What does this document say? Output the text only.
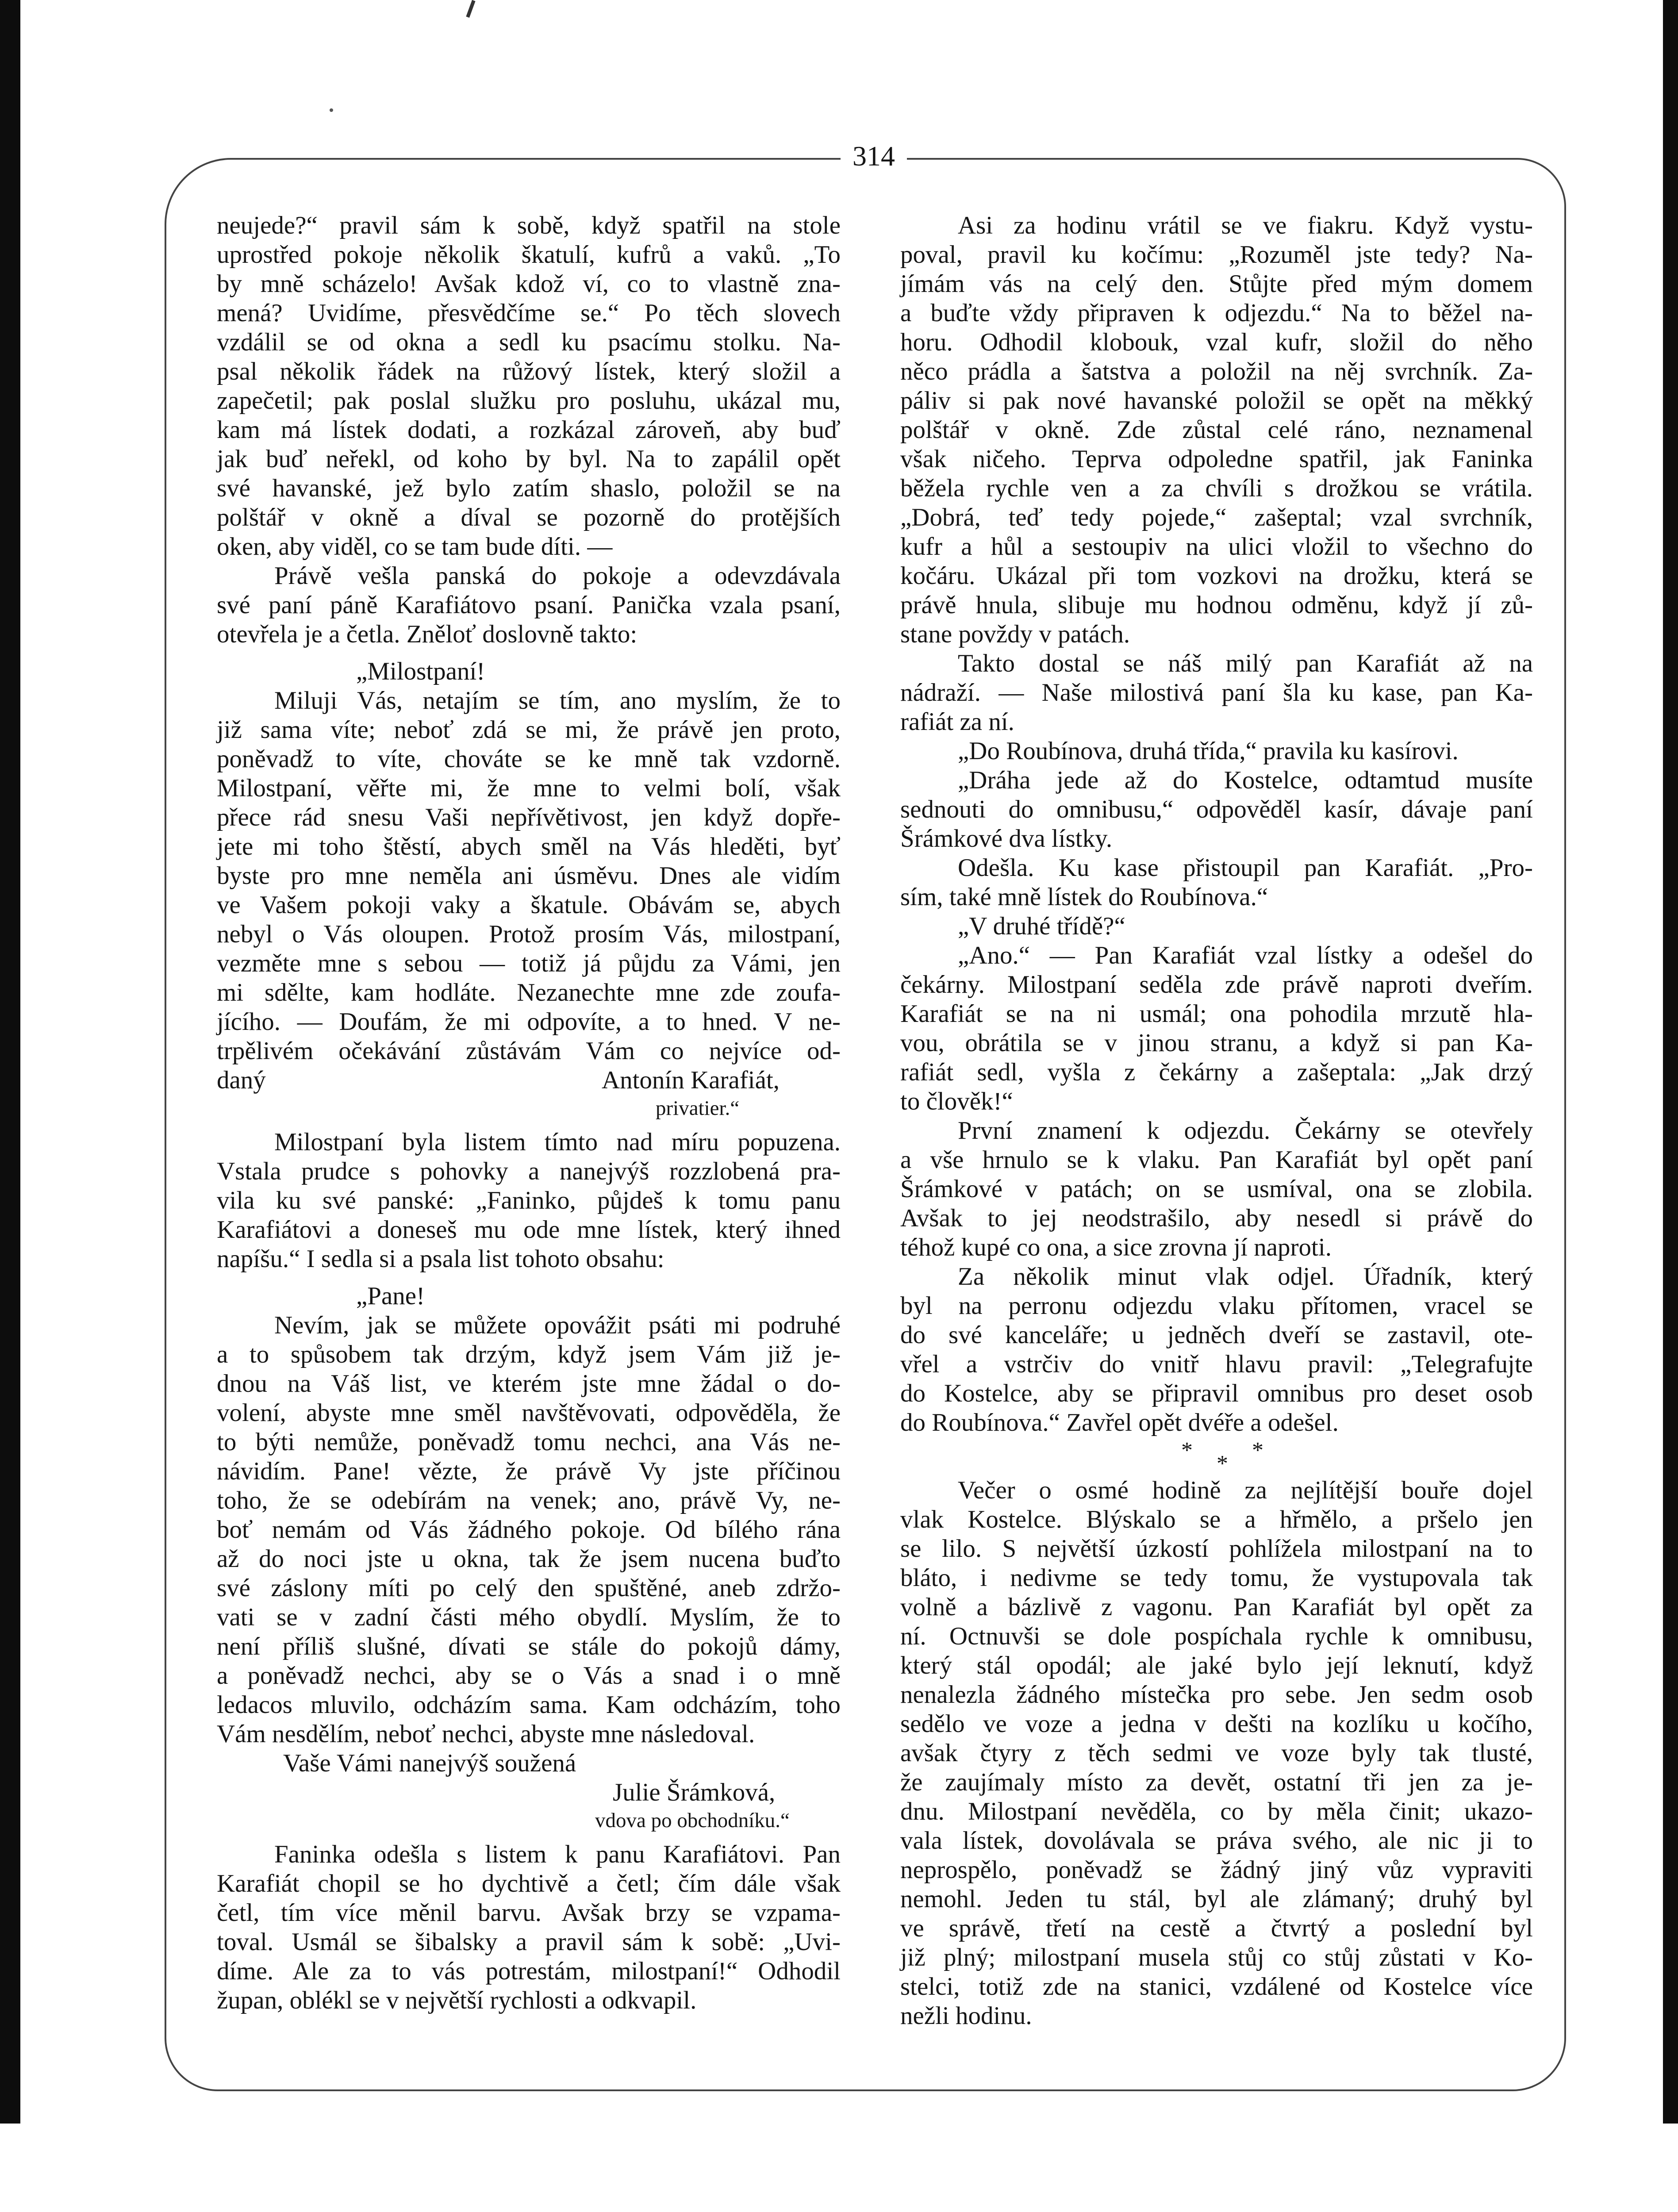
314
neujede?“ pravil sám k sobě, když spatřil na stole
uprostřed pokoje několik škatulí, kufrů a vaků. „To
by mně scházelo! Avšak kdož ví, co to vlastně zna-
mená? Uvidíme, přesvědčíme se.“ Po těch slovech
vzdálil se od okna a sedl ku psacímu stolku. Na-
psal několik řádek na růžový lístek, který složil a
zapečetil; pak poslal služku pro posluhu, ukázal mu,
kam má lístek dodati, a rozkázal zároveň, aby buď
jak buď neřekl, od koho by byl. Na to zapálil opět
své havanské, jež bylo zatím shaslo, položil se na
polštář v okně a díval se pozorně do protějších
oken, aby viděl, co se tam bude díti. —
Právě vešla panská do pokoje a odevzdávala
své paní páně Karafiátovo psaní. Panička vzala psaní,
otevřela je a četla. Zněloť doslovně takto:
„Milostpaní!
Miluji Vás, netajím se tím, ano myslím, že to
již sama víte; neboť zdá se mi, že právě jen proto,
poněvadž to víte, chováte se ke mně tak vzdorně.
Milostpaní, věřte mi, že mne to velmi bolí, však
přece rád snesu Vaši nepřívětivost, jen když dopře-
jete mi toho štěstí, abych směl na Vás hleděti, byť
byste pro mne neměla ani úsměvu. Dnes ale vidím
ve Vašem pokoji vaky a škatule. Obávám se, abych
nebyl o Vás oloupen. Protož prosím Vás, milostpaní,
vezměte mne s sebou — totiž já půjdu za Vámi, jen
mi sdělte, kam hodláte. Nezanechte mne zde zoufa-
jícího. — Doufám, že mi odpovíte, a to hned. V ne-
trpělivém očekávání zůstávám Vám co nejvíce od-
daný	Antonín Karafiát,
privatier.“
Milostpaní byla listem tímto nad míru popuzena.
Vstala prudce s pohovky a nanejvýš rozzlobená pra-
vila ku své panské: „Faninko, půjdeš k tomu panu
Karafiátovi a doneseš mu ode mne lístek, který ihned
napíšu.“ I sedla si a psala list tohoto obsahu:
„Pane!
Nevím, jak se můžete opovážit psáti mi podruhé
a to spůsobem tak drzým, když jsem Vám již je-
dnou na Váš list, ve kterém jste mne žádal o do-
volení, abyste mne směl navštěvovati, odpověděla, že
to býti nemůže, poněvadž tomu nechci, ana Vás ne-
návidím. Pane! vězte, že právě Vy jste příčinou
toho, že se odebírám na venek; ano, právě Vy, ne-
boť nemám od Vás žádného pokoje. Od bílého rána
až do noci jste u okna, tak že jsem nucena buďto
své záslony míti po celý den spuštěné, aneb zdržo-
vati se v zadní části mého obydlí. Myslím, že to
není příliš slušné, dívati se stále do pokojů dámy,
a poněvadž nechci, aby se o Vás a snad i o mně
ledacos mluvilo, odcházím sama. Kam odcházím, toho
Vám nesdělím, neboť nechci, abyste mne následoval.
Vaše Vámi nanejvýš soužená
Julie Šrámková,
vdova po obchodníku.“
Faninka odešla s listem k panu Karafiátovi. Pan
Karafiát chopil se ho dychtivě a četl; čím dále však
četl, tím více měnil barvu. Avšak brzy se vzpama-
toval. Usmál se šibalsky a pravil sám k sobě: „Uvi-
díme. Ale za to vás potrestám, milostpaní!“ Odhodil
župan, oblékl se v největší rychlosti a odkvapil.
Asi za hodinu vrátil se ve fiakru. Když vystu-
poval, pravil ku kočímu: „Rozuměl jste tedy? Na-
jímám vás na celý den. Stůjte před mým domem
a buďte vždy připraven k odjezdu.“ Na to běžel na-
horu. Odhodil klobouk, vzal kufr, složil do něho
něco prádla a šatstva a položil na něj svrchník. Za-
páliv si pak nové havanské položil se opět na měkký
polštář v okně. Zde zůstal celé ráno, neznamenal
však ničeho. Teprva odpoledne spatřil, jak Faninka
běžela rychle ven a za chvíli s drožkou se vrátila.
„Dobrá, teď tedy pojede,“ zašeptal; vzal svrchník,
kufr a hůl a sestoupiv na ulici vložil to všechno do
kočáru. Ukázal při tom vozkovi na drožku, která se
právě hnula, slibuje mu hodnou odměnu, když jí zů-
stane povždy v patách.
Takto dostal se náš milý pan Karafiát až na
nádraží. — Naše milostivá paní šla ku kase, pan Ka-
rafiát za ní.
„Do Roubínova, druhá třída,“ pravila ku kasírovi.
„Dráha jede až do Kostelce, odtamtud musíte
sednouti do omnibusu,“ odpověděl kasír, dávaje paní
Šrámkové dva lístky.
Odešla. Ku kase přistoupil pan Karafiát. „Pro-
sím, také mně lístek do Roubínova.“
„V druhé třídě?“
„Ano.“ — Pan Karafiát vzal lístky a odešel do
čekárny. Milostpaní seděla zde právě naproti dveřím.
Karafiát se na ni usmál; ona pohodila mrzutě hla-
vou, obrátila se v jinou stranu, a když si pan Ka-
rafiát sedl, vyšla z čekárny a zašeptala: „Jak drzý
to člověk!“
První znamení k odjezdu. Čekárny se otevřely
a vše hrnulo se k vlaku. Pan Karafiát byl opět paní
Šrámkové v patách; on se usmíval, ona se zlobila.
Avšak to jej neodstrašilo, aby nesedl si právě do
téhož kupé co ona, a sice zrovna jí naproti.
Za několik minut vlak odjel. Úřadník, který
byl na perronu odjezdu vlaku přítomen, vracel se
do své kanceláře; u jedněch dveří se zastavil, ote-
vřel a vstrčiv do vnitř hlavu pravil: „Telegrafujte
do Kostelce, aby se připravil omnibus pro deset osob
do Roubínova.“ Zavřel opět dvéře a odešel.
*	*
*
Večer o osmé hodině za nejlítější bouře dojel
vlak Kostelce. Blýskalo se a hřmělo, a pršelo jen
se lilo. S největší úzkostí pohlížela milostpaní na to
bláto, i nedivme se tedy tomu, že vystupovala tak
volně a bázlivě z vagonu. Pan Karafiát byl opět za
ní. Octnuvši se dole pospíchala rychle k omnibusu,
který stál opodál; ale jaké bylo její leknutí, když
nenalezla žádného místečka pro sebe. Jen sedm osob
sedělo ve voze a jedna v dešti na kozlíku u kočího,
avšak čtyry z těch sedmi ve voze byly tak tlusté,
že zaujímaly místo za devět, ostatní tři jen za je-
dnu. Milostpaní nevěděla, co by měla činit; ukazo-
vala lístek, dovolávala se práva svého, ale nic ji to
neprospělo, poněvadž se žádný jiný vůz vypraviti
nemohl. Jeden tu stál, byl ale zlámaný; druhý byl
ve správě, třetí na cestě a čtvrtý a poslední byl
již plný; milostpaní musela stůj co stůj zůstati v Ko-
stelci, totiž zde na stanici, vzdálené od Kostelce více
nežli hodinu.
